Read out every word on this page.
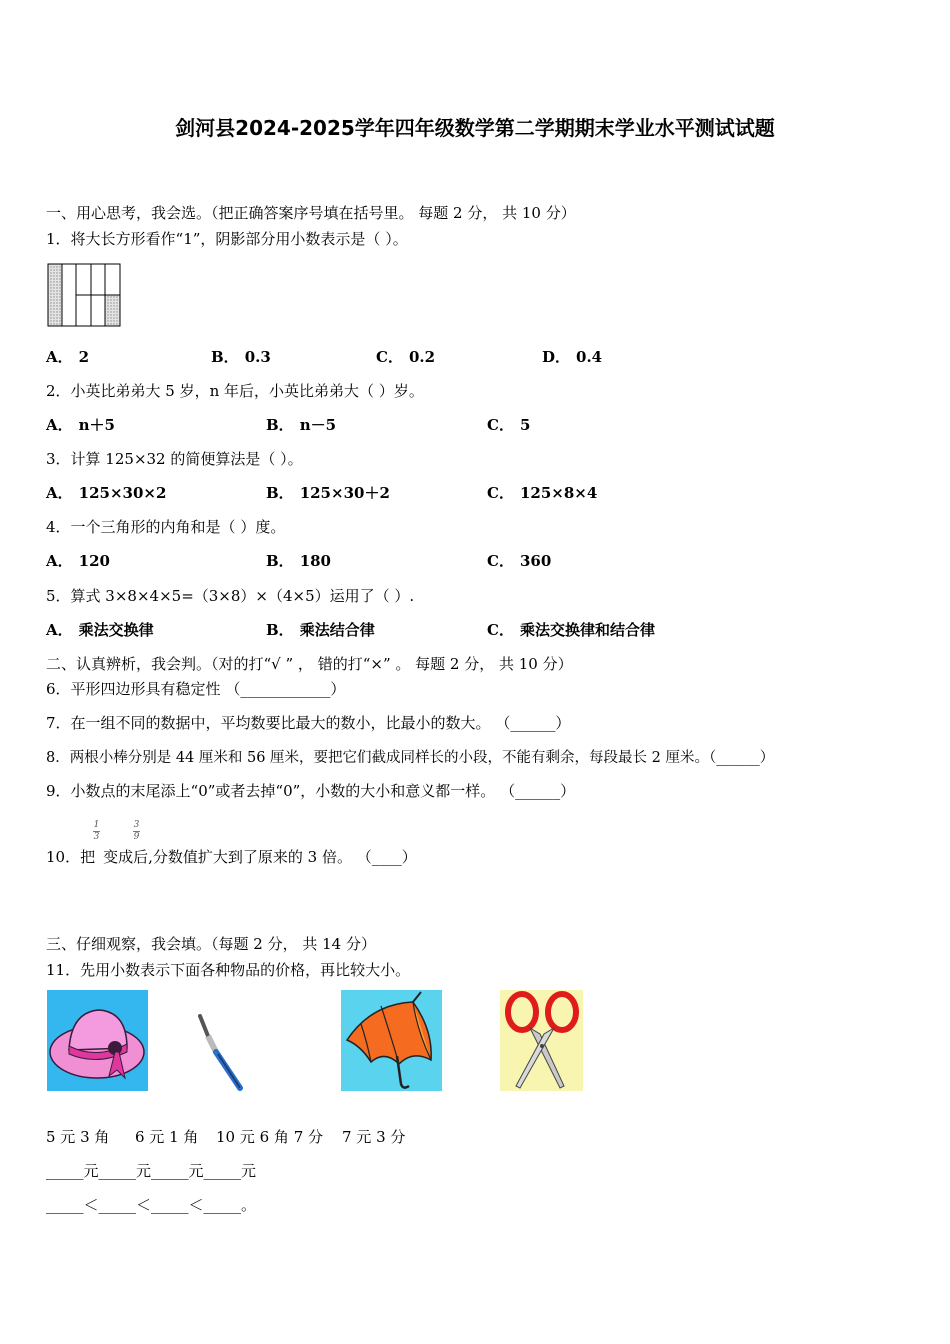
剑河县2024-2025学年四年级数学第二学期期末学业水平测试试题
一、用心思考，我会选。（把正确答案序号填在括号里。 每题 2 分， 共 10 分）
1．将大长方形看作“1”，阴影部分用小数表示是（ ）。
A． 2	B． 0.3	C． 0.2	D． 0.4
2．小英比弟弟大 5 岁，n 年后，小英比弟弟大（ ）岁。
A． n＋5	B． n－5	C． 5
3．计算 125×32 的简便算法是（ ）。
A． 125×30×2	B． 125×30＋2	C． 125×8×4
4．一个三角形的内角和是（ ）度。
A． 120	B． 180	C． 360
5．算式 3×8×4×5=（3×8）×（4×5）运用了（ ）.
A． 乘法交换律	B． 乘法结合律	C． 乘法交换律和结合律
二、认真辨析，我会判。（对的打“√ ” ， 错的打“×” 。 每题 2 分， 共 10 分）
6．平形四边形具有稳定性 （____________）
7．在一组不同的数据中，平均数要比最大的数小，比最小的数大。 （______）
8．两根小棒分别是 44 厘米和 56 厘米，要把它们截成同样长的小段，不能有剩余，每段最长 2 厘米。（______）
9．小数点的末尾添上“0”或者去掉“0”，小数的大小和意义都一样。 （______）
10．把 变成后,分数值扩大到了原来的 3 倍。 （____）
1
3
3
9
三、仔细观察，我会填。（每题 2 分， 共 14 分）
11．先用小数表示下面各种物品的价格，再比较大小。
5 元 3 角 6 元 1 角 10 元 6 角 7 分 7 元 3 分
_____元_____元_____元_____元
_____＜_____＜_____＜_____。
